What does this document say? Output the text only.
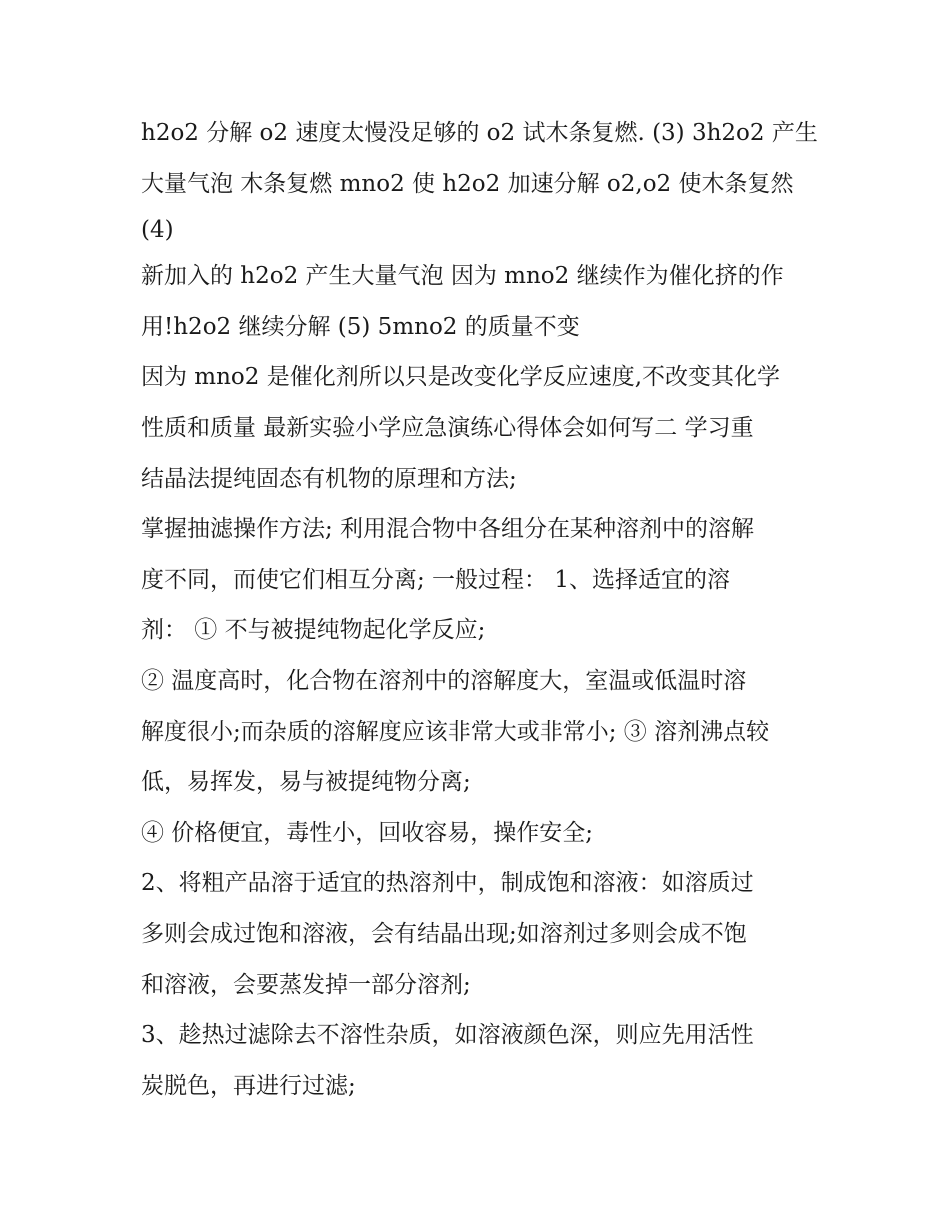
h2o2 分解 o2 速度太慢没足够的 o2 试木条复燃. (3) 3h2o2 产生
大量气泡 木条复燃 mno2 使 h2o2 加速分解 o2,o2 使木条复然
(4)
新加入的 h2o2 产生大量气泡 因为 mno2 继续作为催化挤的作
用!h2o2 继续分解 (5) 5mno2 的质量不变
因为 mno2 是催化剂所以只是改变化学反应速度,不改变其化学
性质和质量 最新实验小学应急演练心得体会如何写二 学习重
结晶法提纯固态有机物的原理和方法;
掌握抽滤操作方法; 利用混合物中各组分在某种溶剂中的溶解
度不同，而使它们相互分离; 一般过程： 1、选择适宜的溶
剂： ① 不与被提纯物起化学反应;
② 温度高时，化合物在溶剂中的溶解度大，室温或低温时溶
解度很小;而杂质的溶解度应该非常大或非常小; ③ 溶剂沸点较
低，易挥发，易与被提纯物分离;
④ 价格便宜，毒性小，回收容易，操作安全;
2、将粗产品溶于适宜的热溶剂中，制成饱和溶液：如溶质过
多则会成过饱和溶液，会有结晶出现;如溶剂过多则会成不饱
和溶液，会要蒸发掉一部分溶剂;
3、趁热过滤除去不溶性杂质，如溶液颜色深，则应先用活性
炭脱色，再进行过滤;
